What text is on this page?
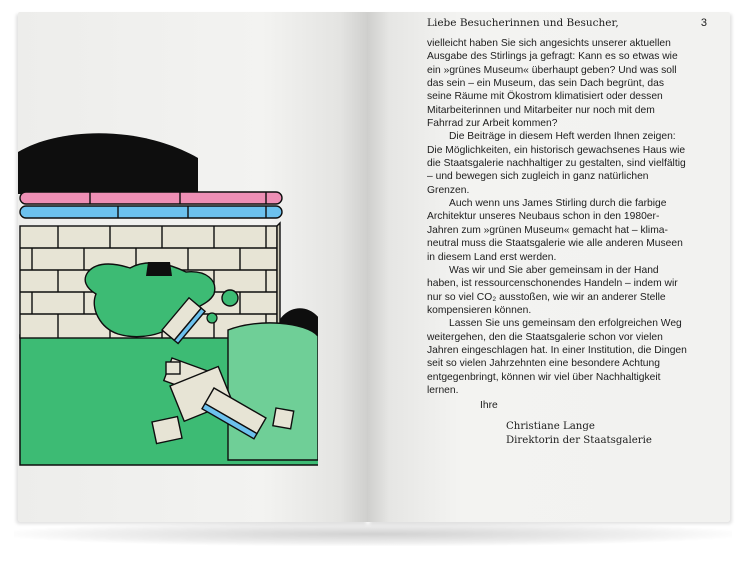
Liebe Besucherinnen und Besucher,	3

vielleicht haben Sie sich angesichts unserer aktuellen Ausgabe des Stirlings ja gefragt: Kann es so etwas wie ein »grünes Museum« überhaupt geben? Und was soll das sein – ein Museum, das sein Dach begrünt, das seine Räume mit Ökostrom klimatisiert oder dessen Mitarbeiterinnen und Mitarbeiter nur noch mit dem Fahrrad zur Arbeit kommen?

Die Beiträge in diesem Heft werden Ihnen zeigen: Die Möglichkeiten, ein historisch gewachsenes Haus wie die Staatsgalerie nachhaltiger zu gestalten, sind vielfältig – und bewegen sich zugleich in ganz natürlichen Grenzen.

Auch wenn uns James Stirling durch die farbige Architektur unseres Neubaus schon in den 1980er-Jahren zum »grünen Museum« gemacht hat – klimaneutral muss die Staatsgalerie wie alle anderen Museen in diesem Land erst werden.

Was wir und Sie aber gemeinsam in der Hand haben, ist ressourcenschonendes Handeln – indem wir nur so viel CO₂ ausstoßen, wie wir an anderer Stelle kompensieren können.

Lassen Sie uns gemeinsam den erfolgreichen Weg weitergehen, den die Staatsgalerie schon vor vielen Jahren eingeschlagen hat. In einer Institution, die Dingen seit so vielen Jahrzehnten eine besondere Achtung entgegenbringt, können wir viel über Nachhaltigkeit lernen.

Ihre
Christiane Lange
Direktorin der Staatsgalerie
